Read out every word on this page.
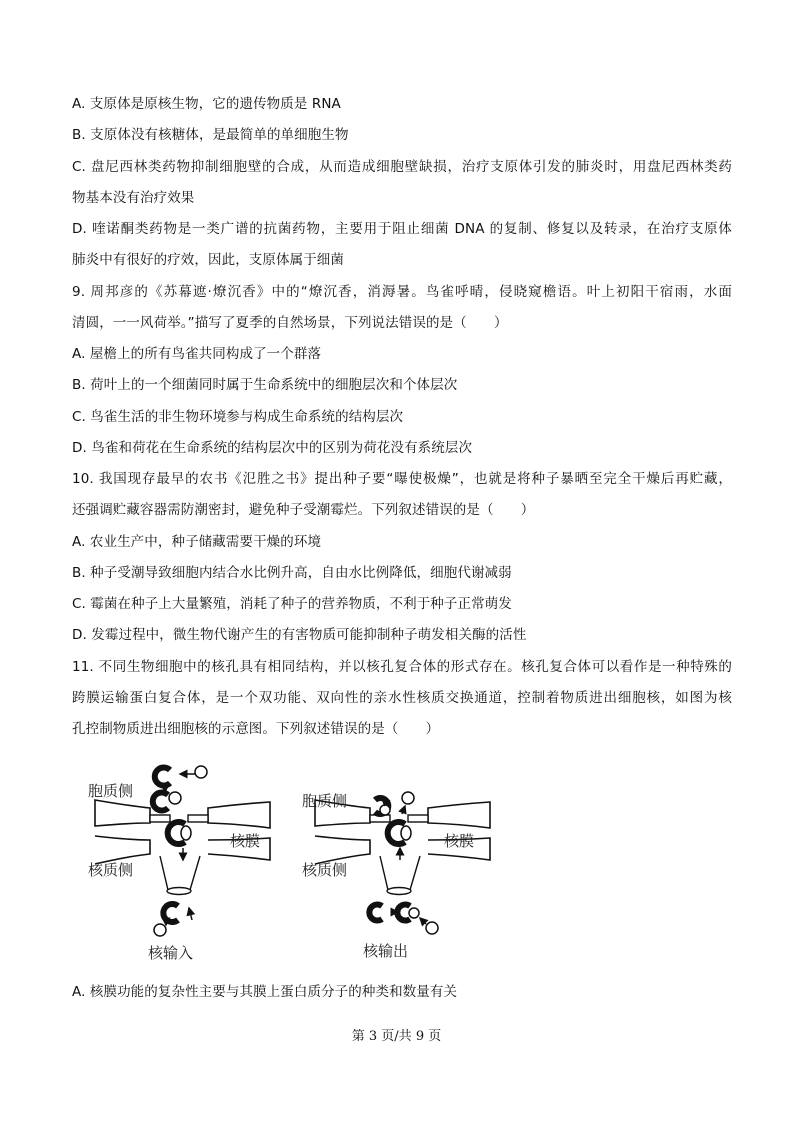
A. 支原体是原核生物，它的遗传物质是 RNA
B. 支原体没有核糖体，是最简单的单细胞生物
C. 盘尼西林类药物抑制细胞壁的合成，从而造成细胞壁缺损，治疗支原体引发的肺炎时，用盘尼西林类药
物基本没有治疗效果
D. 喹诺酮类药物是一类广谱的抗菌药物，主要用于阻止细菌 DNA 的复制、修复以及转录，在治疗支原体
肺炎中有很好的疗效，因此，支原体属于细菌
9. 周邦彦的《苏幕遮·燎沉香》中的“燎沉香，消溽暑。鸟雀呼晴，侵晓窥檐语。叶上初阳干宿雨，水面
清圆，一一风荷举。”描写了夏季的自然场景，下列说法错误的是（　　）
A. 屋檐上的所有鸟雀共同构成了一个群落
B. 荷叶上的一个细菌同时属于生命系统中的细胞层次和个体层次
C. 鸟雀生活的非生物环境参与构成生命系统的结构层次
D. 鸟雀和荷花在生命系统的结构层次中的区别为荷花没有系统层次
10. 我国现存最早的农书《氾胜之书》提出种子要“曝使极燥”，也就是将种子暴晒至完全干燥后再贮藏，
还强调贮藏容器需防潮密封，避免种子受潮霉烂。下列叙述错误的是（　　）
A. 农业生产中，种子储藏需要干燥的环境
B. 种子受潮导致细胞内结合水比例升高，自由水比例降低，细胞代谢减弱
C. 霉菌在种子上大量繁殖，消耗了种子的营养物质，不利于种子正常萌发
D. 发霉过程中，微生物代谢产生的有害物质可能抑制种子萌发相关酶的活性
11. 不同生物细胞中的核孔具有相同结构，并以核孔复合体的形式存在。核孔复合体可以看作是一种特殊的
跨膜运输蛋白复合体，是一个双功能、双向性的亲水性核质交换通道，控制着物质进出细胞核，如图为核
孔控制物质进出细胞核的示意图。下列叙述错误的是（　　）
胞质侧
核膜
核质侧
核输入
胞质侧
核膜
核质侧
核输出
A. 核膜功能的复杂性主要与其膜上蛋白质分子的种类和数量有关
第 3 页/共 9 页
